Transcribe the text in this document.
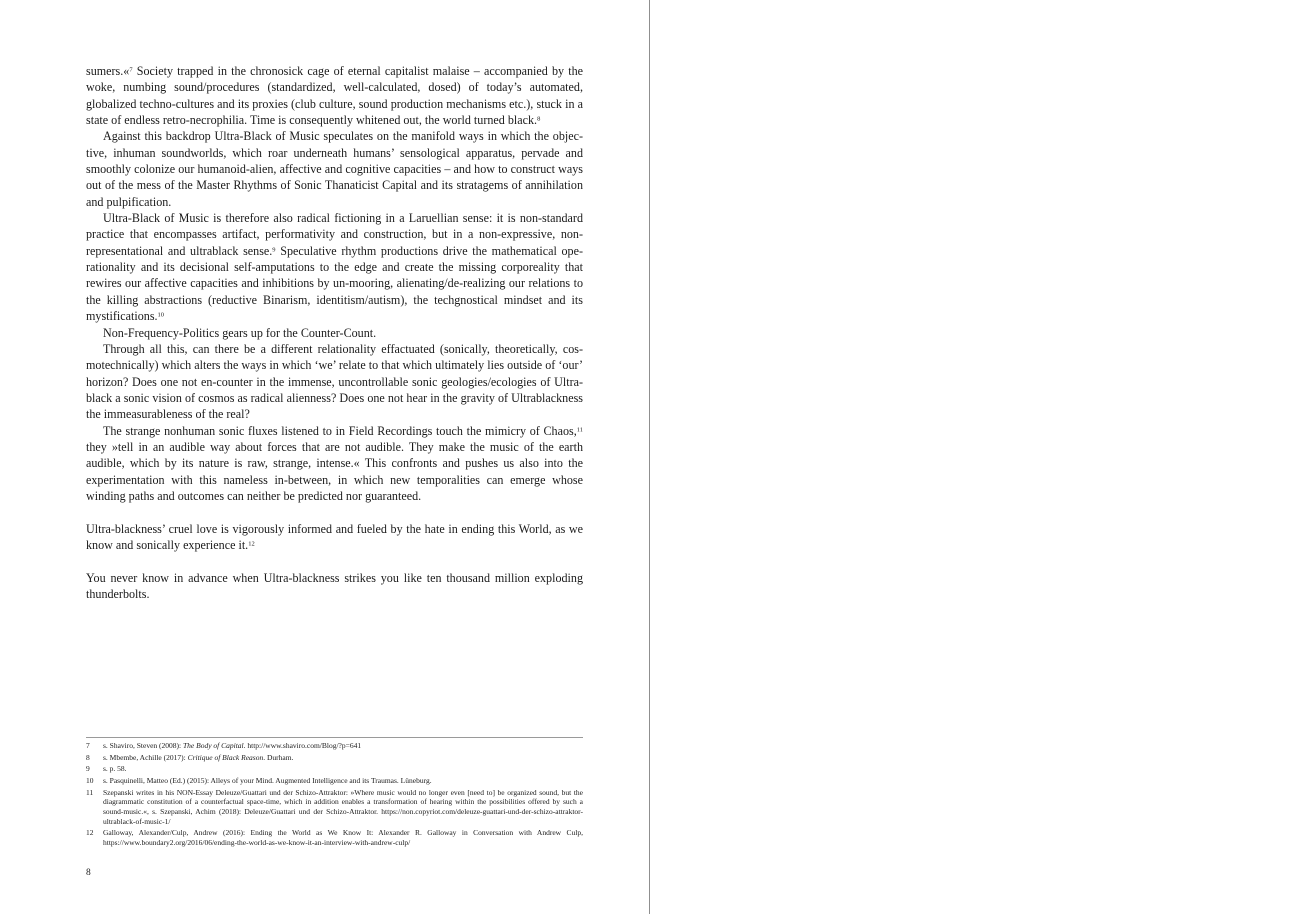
sumers.«$^7$ Society trapped in the chronosick cage of eternal capitalist malaise – accompanied by the woke, numbing sound/procedures (standardized, well-calculated, dosed) of today’s automated, globalized techno-cultures and its proxies (club culture, sound production mechanisms etc.), stuck in a state of endless retro-necrophilia. Time is consequently whitened out, the world turned black.$^8$

Against this backdrop Ultra-Black of Music speculates on the manifold ways in which the objective, inhuman soundworlds, which roar underneath humans’ sensological apparatus, pervade and smoothly colonize our humanoid-alien, affective and cognitive capacities – and how to construct ways out of the mess of the Master Rhythms of Sonic Thanaticist Capital and its stratagems of annihilation and pulpification.

Ultra-Black of Music is therefore also radical fictioning in a Laruellian sense: it is non-standard practice that encompasses artifact, performativity and construction, but in a non-expressive, non-representational and ultrablack sense.$^9$ Speculative rhythm productions drive the mathematical ope-rationality and its decisional self-amputations to the edge and create the missing corporeality that rewires our affective capacities and inhibitions by un-mooring, alienating/de-realizing our relations to the killing abstractions (reductive Binarism, identitism/autism), the techgnostical mindset and its mystifications.$^{10}$

Non-Frequency-Politics gears up for the Counter-Count.

Through all this, can there be a different relationality effactuated (sonically, theoretically, cosmotechnically) which alters the ways in which ‘we’ relate to that which ultimately lies outside of ‘our’ horizon? Does one not en-counter in the immense, uncontrollable sonic geologies/ecologies of Ultra-black a sonic vision of cosmos as radical alienness? Does one not hear in the gravity of Ultrablackness the immeasurableness of the real?

The strange nonhuman sonic fluxes listened to in Field Recordings touch the mimicry of Chaos,$^{11}$ they »tell in an audible way about forces that are not audible. They make the music of the earth audible, which by its nature is raw, strange, intense.« This confronts and pushes us also into the experimentation with this nameless in-between, in which new temporalities can emerge whose winding paths and outcomes can neither be predicted nor guaranteed.

Ultra-blackness’ cruel love is vigorously informed and fueled by the hate in ending this World, as we know and sonically experience it.$^{12}$

You never know in advance when Ultra-blackness strikes you like ten thousand million exploding thunderbolts.

7	s. Shaviro, Steven (2008): The Body of Capital. http://www.shaviro.com/Blog/?p=641
8	s. Mbembe, Achille (2017): Critique of Black Reason. Durham.
9	s. p. 58.
10	s. Pasquinelli, Matteo (Ed.) (2015): Alleys of your Mind. Augmented Intelligence and its Traumas. Lüneburg.
11	Szepanski writes in his NON-Essay Deleuze/Guattari und der Schizo-Attraktor: »Where music would no longer even [need to] be organized sound, but the diagrammatic constitution of a counterfactual space-time, which in addition enables a transformation of hearing within the possibilities offered by such a sound-music.«, s. Szepanski, Achim (2018): Deleuze/Guattari und der Schizo-Attraktor. https://non.copyriot.com/deleuze-guattari-und-der-schizo-attraktor-ultrablack-of-music-1/
12	Galloway, Alexander/Culp, Andrew (2016): Ending the World as We Know It: Alexander R. Galloway in Conversation with Andrew Culp, https://www.boundary2.org/2016/06/ending-the-world-as-we-know-it-an-interview-with-andrew-culp/
8
